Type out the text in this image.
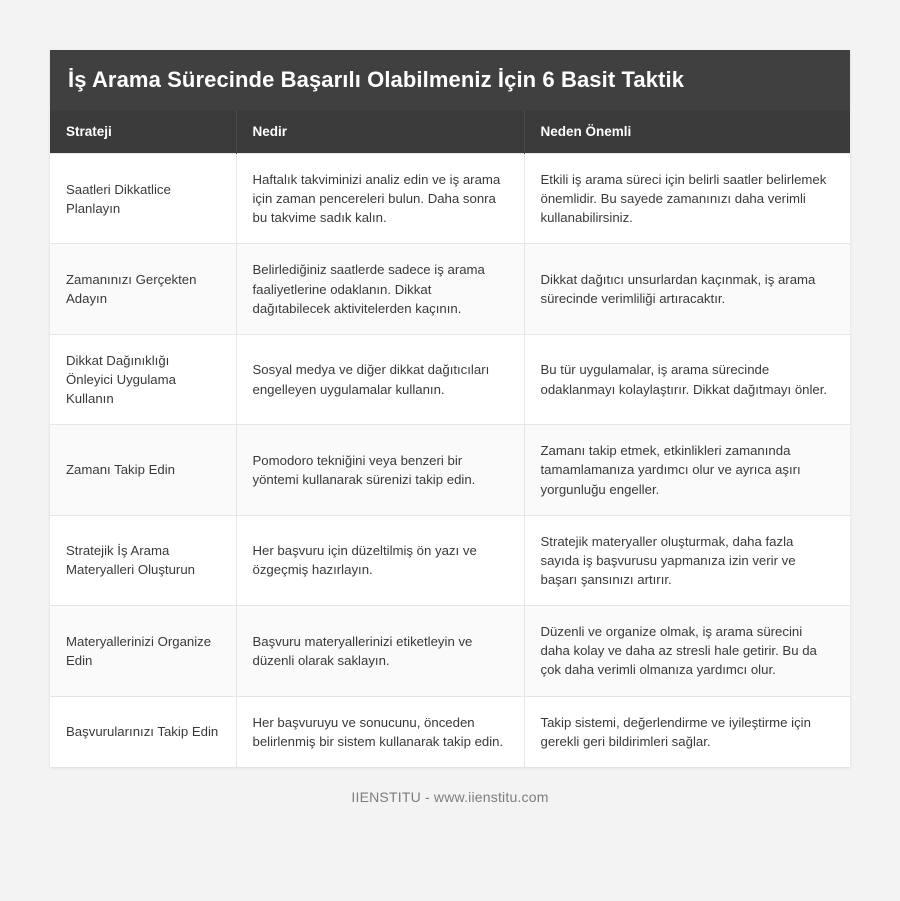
İş Arama Sürecinde Başarılı Olabilmeniz İçin 6 Basit Taktik
Strateji	Nedir	Neden Önemli
Saatleri Dikkatlice Planlayın	Haftalık takviminizi analiz edin ve iş arama için zaman pencereleri bulun. Daha sonra bu takvime sadık kalın.	Etkili iş arama süreci için belirli saatler belirlemek önemlidir. Bu sayede zamanınızı daha verimli kullanabilirsiniz.
Zamanınızı Gerçekten Adayın	Belirlediğiniz saatlerde sadece iş arama faaliyetlerine odaklanın. Dikkat dağıtabilecek aktivitelerden kaçının.	Dikkat dağıtıcı unsurlardan kaçınmak, iş arama sürecinde verimliliği artıracaktır.
Dikkat Dağınıklığı Önleyici Uygulama Kullanın	Sosyal medya ve diğer dikkat dağıtıcıları engelleyen uygulamalar kullanın.	Bu tür uygulamalar, iş arama sürecinde odaklanmayı kolaylaştırır. Dikkat dağıtmayı önler.
Zamanı Takip Edin	Pomodoro tekniğini veya benzeri bir yöntemi kullanarak sürenizi takip edin.	Zamanı takip etmek, etkinlikleri zamanında tamamlamanıza yardımcı olur ve ayrıca aşırı yorgunluğu engeller.
Stratejik İş Arama Materyalleri Oluşturun	Her başvuru için düzeltilmiş ön yazı ve özgeçmiş hazırlayın.	Stratejik materyaller oluşturmak, daha fazla sayıda iş başvurusu yapmanıza izin verir ve başarı şansınızı artırır.
Materyallerinizi Organize Edin	Başvuru materyallerinizi etiketleyin ve düzenli olarak saklayın.	Düzenli ve organize olmak, iş arama sürecini daha kolay ve daha az stresli hale getirir. Bu da çok daha verimli olmanıza yardımcı olur.
Başvurularınızı Takip Edin	Her başvuruyu ve sonucunu, önceden belirlenmiş bir sistem kullanarak takip edin.	Takip sistemi, değerlendirme ve iyileştirme için gerekli geri bildirimleri sağlar.
IIENSTITU - www.iienstitu.com
